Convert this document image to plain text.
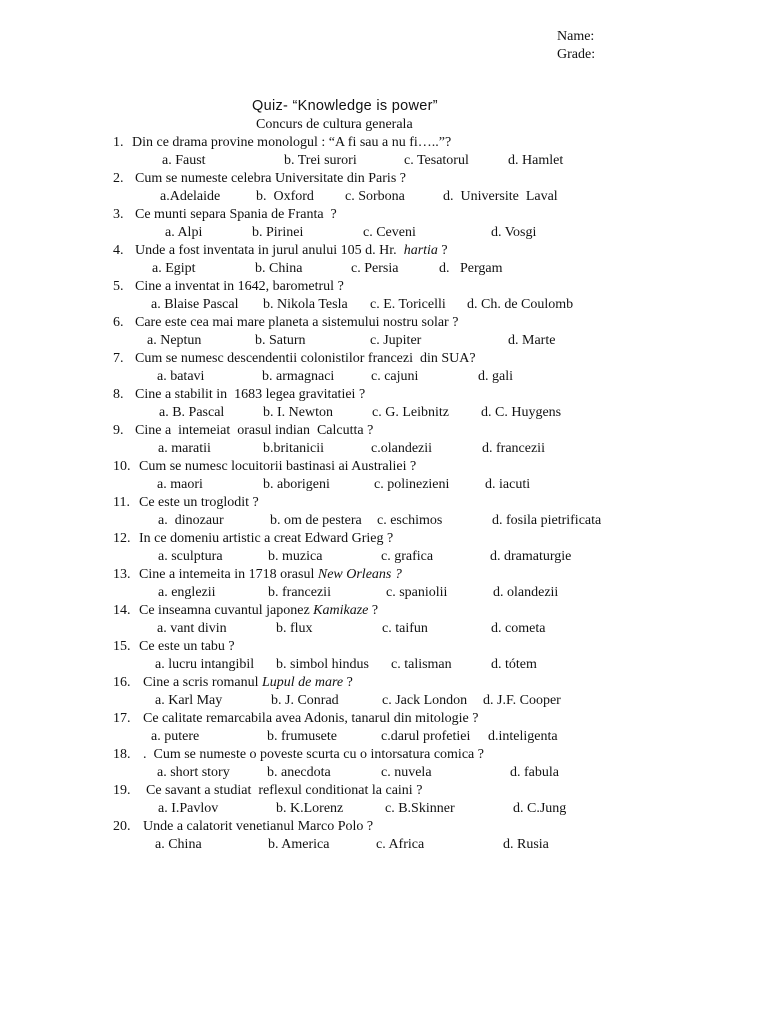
Name:
Grade:
Quiz- “Knowledge is power”
Concurs de cultura generala
1. Din ce drama provine monologul : “A fi sau a nu fi…..”?
a. Faust	b. Trei surori	c. Tesatorul	d. Hamlet
2. Cum se numeste celebra Universitate din Paris ?
a.Adelaide	b.  Oxford c. Sorbona	d.  Universite  Laval
3. Ce munti separa Spania de Franta  ?
a. Alpi	b. Pirinei	c. Ceveni	d. Vosgi
4. Unde a fost inventata in jurul anului 105 d. Hr.  hartia ?
a. Egipt	b. China	c. Persia	d.   Pergam
5. Cine a inventat in 1642, barometrul ?
a. Blaise Pascal b. Nikola Tesla c. E. Toricelli d. Ch. de Coulomb
6. Care este cea mai mare planeta a sistemului nostru solar ?
a. Neptun	b. Saturn	c. Jupiter	d. Marte
7. Cum se numesc descendentii colonistilor francezi  din SUA?
a. batavi	b. armagnaci	c. cajuni	d. gali
8. Cine a stabilit in  1683 legea gravitatiei ?
a. B. Pascal	b. I. Newton	c. G. Leibnitz d. C. Huygens
9. Cine a  intemeiat  orasul indian  Calcutta ?
a. maratii	b.britanicii	c.olandezii	d. francezii
10. Cum se numesc locuitorii bastinasi ai Australiei ?
a. maori	b. aborigeni	c. polinezieni	d. iacuti
11. Ce este un troglodit ?
a.  dinozaur	b. om de pestera c. eschimos	d. fosila pietrificata
12. In ce domeniu artistic a creat Edward Grieg ?
a. sculptura	b. muzica	c. grafica	d. dramaturgie
13. Cine a intemeita in 1718 orasul New Orleans ?
a. englezii	b. francezii	c. spaniolii	d. olandezii
14. Ce inseamna cuvantul japonez Kamikaze ?
a. vant divin	b. flux	c. taifun	d. cometa
15. Ce este un tabu ?
a. lucru intangibil b. simbol hindus c. talisman	d. tótem
16. Cine a scris romanul Lupul de mare ?
a. Karl May	b. J. Conrad	c. Jack London d. J.F. Cooper
17. Ce calitate remarcabila avea Adonis, tanarul din mitologie ?
a. putere	b. frumusete	c.darul profetiei d.inteligenta
18. .  Cum se numeste o poveste scurta cu o intorsatura comica ?
a. short story	b. anecdota	c. nuvela	d. fabula
19. Ce savant a studiat  reflexul conditionat la caini ?
a. I.Pavlov	b. K.Lorenz	c. B.Skinner	d. C.Jung
20. Unde a calatorit venetianul Marco Polo ?
a. China	b. America	c. Africa	d. Rusia
